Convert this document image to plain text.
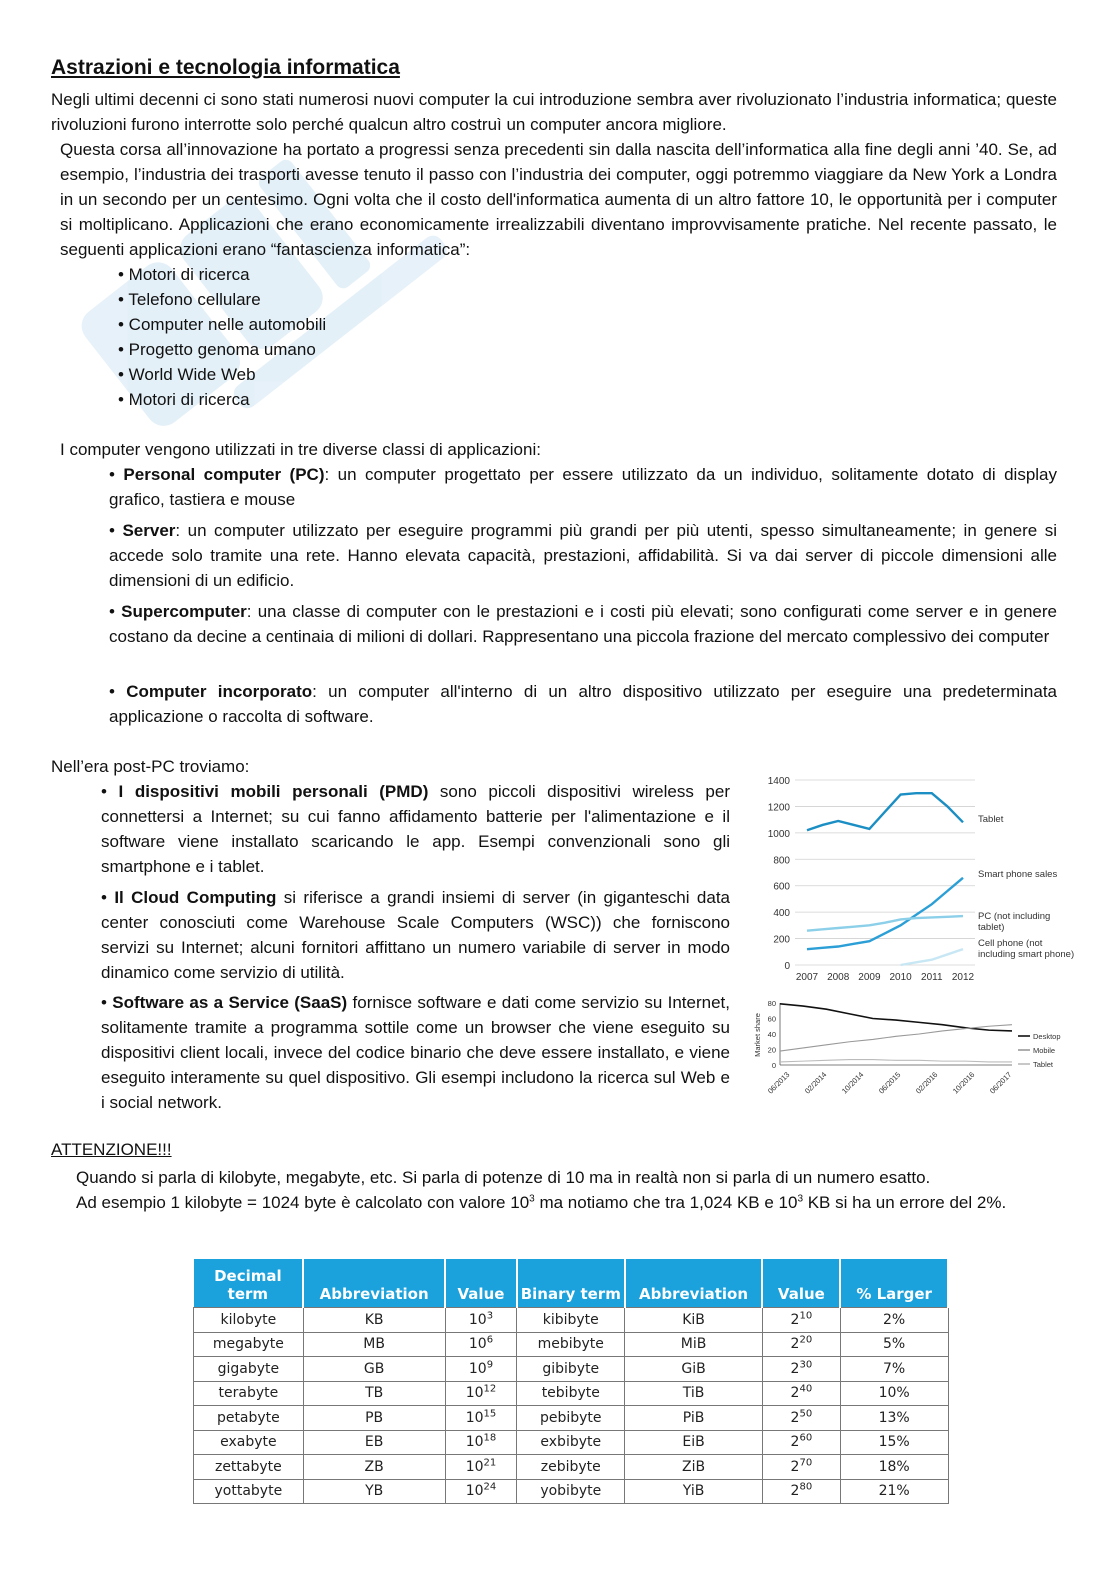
Astrazioni e tecnologia informatica
Negli ultimi decenni ci sono stati numerosi nuovi computer la cui introduzione sembra aver rivoluzionato l’industria informatica; queste rivoluzioni furono interrotte solo perché qualcun altro costruì un computer ancora migliore.
Questa corsa all’innovazione ha portato a progressi senza precedenti sin dalla nascita dell’informatica alla fine degli anni ’40. Se, ad esempio, l’industria dei trasporti avesse tenuto il passo con l’industria dei computer, oggi potremmo viaggiare da New York a Londra in un secondo per un centesimo. Ogni volta che il costo dell'informatica aumenta di un altro fattore 10, le opportunità per i computer si moltiplicano. Applicazioni che erano economicamente irrealizzabili diventano improvvisamente pratiche. Nel recente passato, le seguenti applicazioni erano “fantascienza informatica”:
• Motori di ricerca
• Telefono cellulare
• Computer nelle automobili
• Progetto genoma umano
• World Wide Web
• Motori di ricerca
I computer vengono utilizzati in tre diverse classi di applicazioni:
• Personal computer (PC): un computer progettato per essere utilizzato da un individuo, solitamente dotato di display grafico, tastiera e mouse
• Server: un computer utilizzato per eseguire programmi più grandi per più utenti, spesso simultaneamente; in genere si accede solo tramite una rete. Hanno elevata capacità, prestazioni, affidabilità. Si va dai server di piccole dimensioni alle dimensioni di un edificio.
• Supercomputer: una classe di computer con le prestazioni e i costi più elevati; sono configurati come server e in genere costano da decine a centinaia di milioni di dollari. Rappresentano una piccola frazione del mercato complessivo dei computer
• Computer incorporato: un computer all'interno di un altro dispositivo utilizzato per eseguire una predeterminata applicazione o raccolta di software.
Nell’era post-PC troviamo:
• I dispositivi mobili personali (PMD) sono piccoli dispositivi wireless per connettersi a Internet; su cui fanno affidamento batterie per l'alimentazione e il software viene installato scaricando le app. Esempi convenzionali sono gli smartphone e i tablet.
• Il Cloud Computing si riferisce a grandi insiemi di server (in giganteschi data center conosciuti come Warehouse Scale Computers (WSC)) che forniscono servizi su Internet; alcuni fornitori affittano un numero variabile di server in modo dinamico come servizio di utilità.
• Software as a Service (SaaS) fornisce software e dati come servizio su Internet, solitamente tramite a programma sottile come un browser che viene eseguito su dispositivi client locali, invece del codice binario che deve essere installato, e viene eseguito interamente su quel dispositivo. Gli esempi includono la ricerca sul Web e i social network.
0
200
400
600
800
1000
1200
1400
2007 2008 2009 2010 2011 2012
Tablet
Smart phone sales
PC (not including
tablet)
Cell phone (not
including smart phone)
0
20
40
60
80
Market share	Desktop
Mobile
Tablet
06/2013 02/2014 10/2014 06/2015 02/2016 10/2016 06/2017
ATTENZIONE!!!
Quando si parla di kilobyte, megabyte, etc. Si parla di potenze di 10 ma in realtà non si parla di un numero esatto.
Ad esempio 1 kilobyte = 1024 byte è calcolato con valore $10^3$ ma notiamo che tra 1,024 KB e $10^3$ KB si ha un errore del 2%.
Decimal term	Abbreviation	Value	Binary term	Abbreviation	Value	% Larger
kilobyte	KB	$10^3$	kibibyte	KiB	$2^{10}$	2%
megabyte	MB	$10^6$	mebibyte	MiB	$2^{20}$	5%
gigabyte	GB	$10^9$	gibibyte	GiB	$2^{30}$	7%
terabyte	TB	$10^{12}$	tebibyte	TiB	$2^{40}$	10%
petabyte	PB	$10^{15}$	pebibyte	PiB	$2^{50}$	13%
exabyte	EB	$10^{18}$	exbibyte	EiB	$2^{60}$	15%
zettabyte	ZB	$10^{21}$	zebibyte	ZiB	$2^{70}$	18%
yottabyte	YB	$10^{24}$	yobibyte	YiB	$2^{80}$	21%
